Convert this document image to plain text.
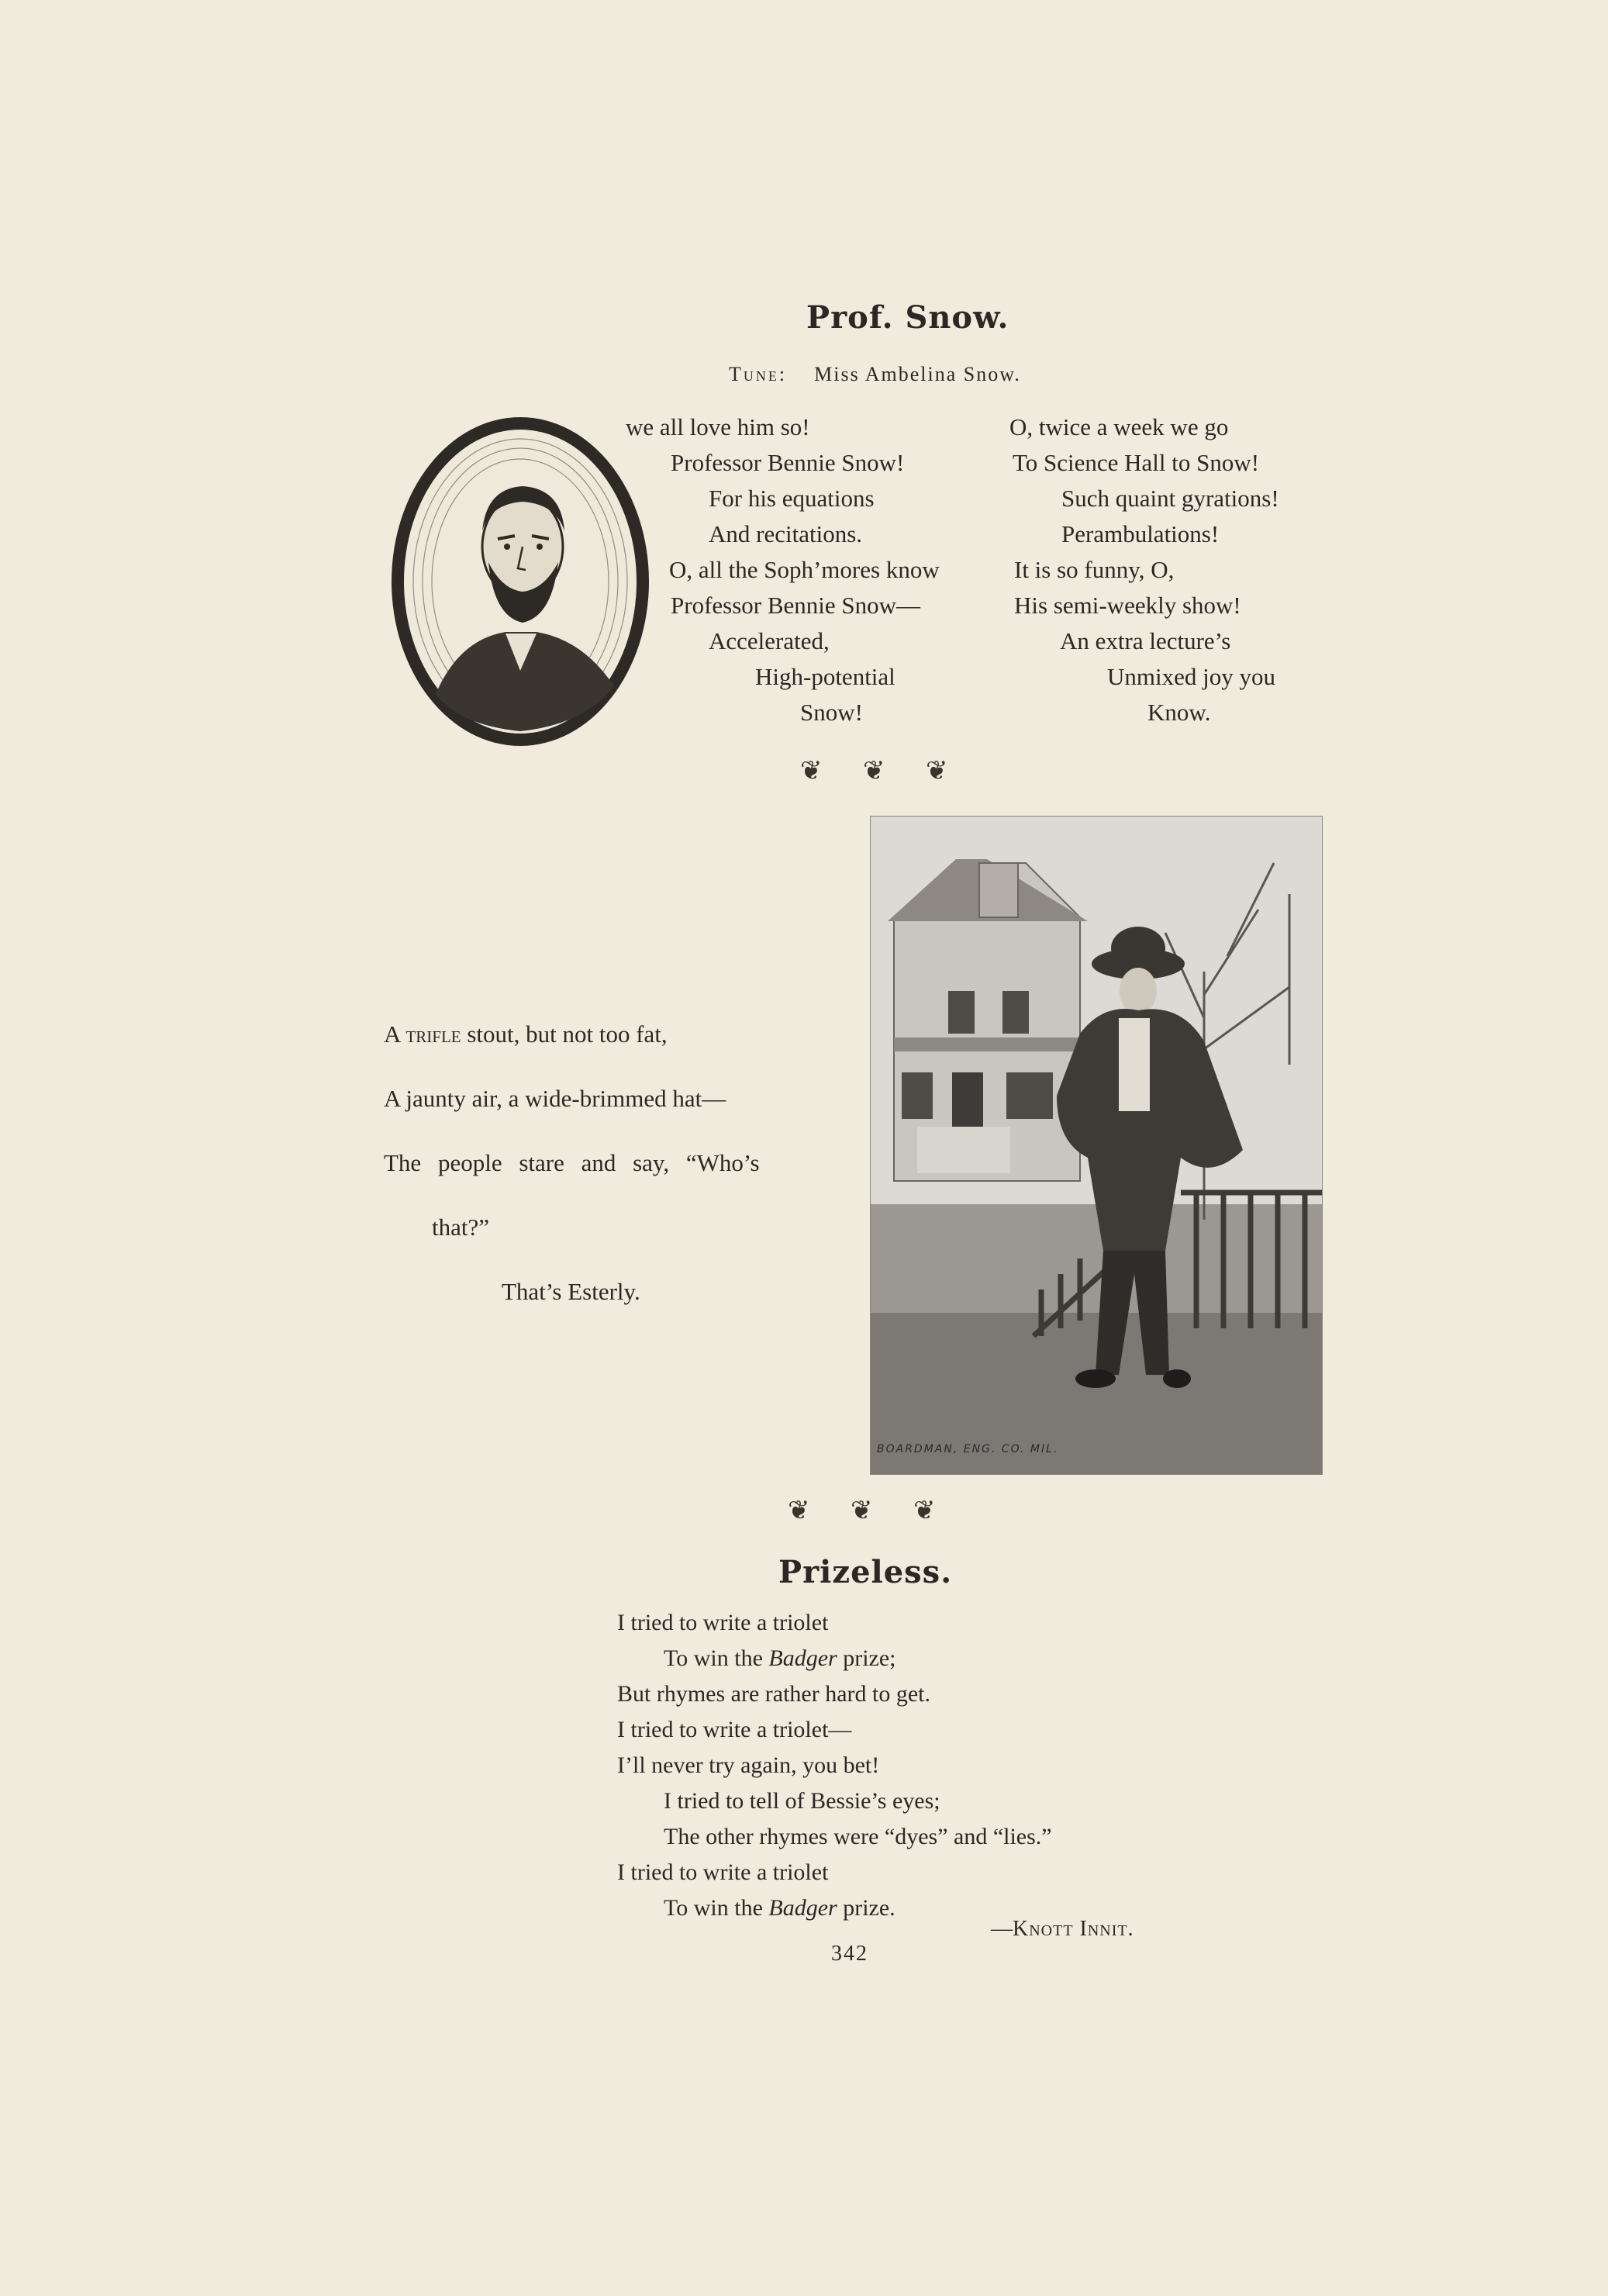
Prof. Snow.
Tune: Miss Ambelina Snow.
we all love him so!
Professor Bennie Snow!
For his equations
And recitations.
O, all the Soph’mores know
Professor Bennie Snow—
Accelerated,
High-potential
Snow!
O, twice a week we go
To Science Hall to Snow!
Such quaint gyrations!
Perambulations!
It is so funny, O,
His semi-weekly show!
An extra lecture’s
Unmixed joy you
Know.
❦ ❦ ❦
A trifle stout, but not too fat,
A jaunty air, a wide-brimmed hat—
The people stare and say, “Who’s
that?”
That’s Esterly.
BOARDMAN, ENG. CO. MIL.
❦ ❦ ❦
Prizeless.
I tried to write a triolet
To win the Badger prize;
But rhymes are rather hard to get.
I tried to write a triolet—
I’ll never try again, you bet!
I tried to tell of Bessie’s eyes;
The other rhymes were “dyes” and “lies.”
I tried to write a triolet
To win the Badger prize.
—Knott Innit.
342
